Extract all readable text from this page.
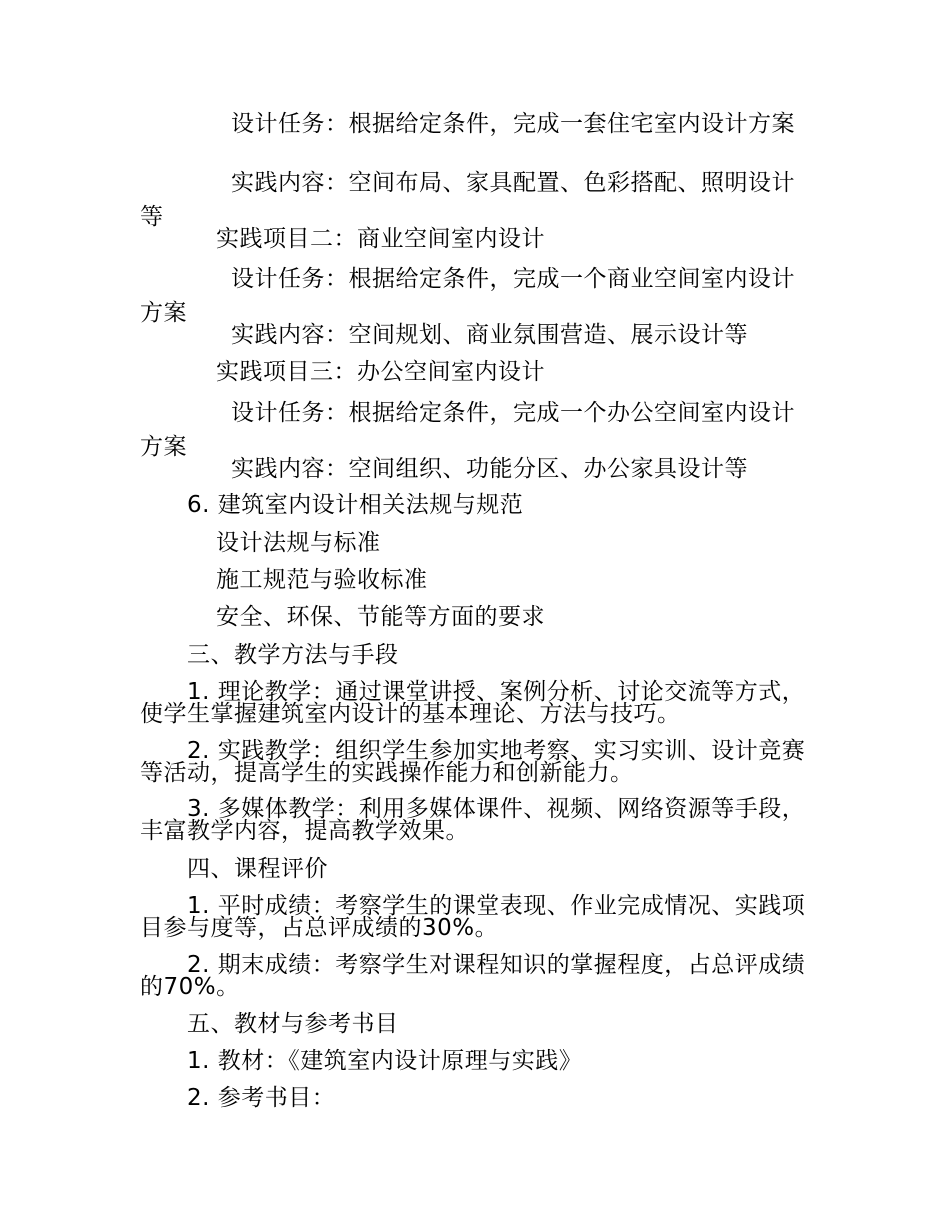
设计任务：根据给定条件，完成一套住宅室内设计方案

实践内容：空间布局、家具配置、色彩搭配、照明设计等

实践项目二：商业空间室内设计

设计任务：根据给定条件，完成一个商业空间室内设计方案

实践内容：空间规划、商业氛围营造、展示设计等

实践项目三：办公空间室内设计

设计任务：根据给定条件，完成一个办公空间室内设计方案

实践内容：空间组织、功能分区、办公家具设计等

6. 建筑室内设计相关法规与规范

设计法规与标准

施工规范与验收标准

安全、环保、节能等方面的要求

三、教学方法与手段

1. 理论教学：通过课堂讲授、案例分析、讨论交流等方式，使学生掌握建筑室内设计的基本理论、方法与技巧。

2. 实践教学：组织学生参加实地考察、实习实训、设计竞赛等活动，提高学生的实践操作能力和创新能力。

3. 多媒体教学：利用多媒体课件、视频、网络资源等手段，丰富教学内容，提高教学效果。

四、课程评价

1. 平时成绩：考察学生的课堂表现、作业完成情况、实践项目参与度等，占总评成绩的30%。

2. 期末成绩：考察学生对课程知识的掌握程度，占总评成绩的70%。

五、教材与参考书目

1. 教材：《建筑室内设计原理与实践》

2. 参考书目：
